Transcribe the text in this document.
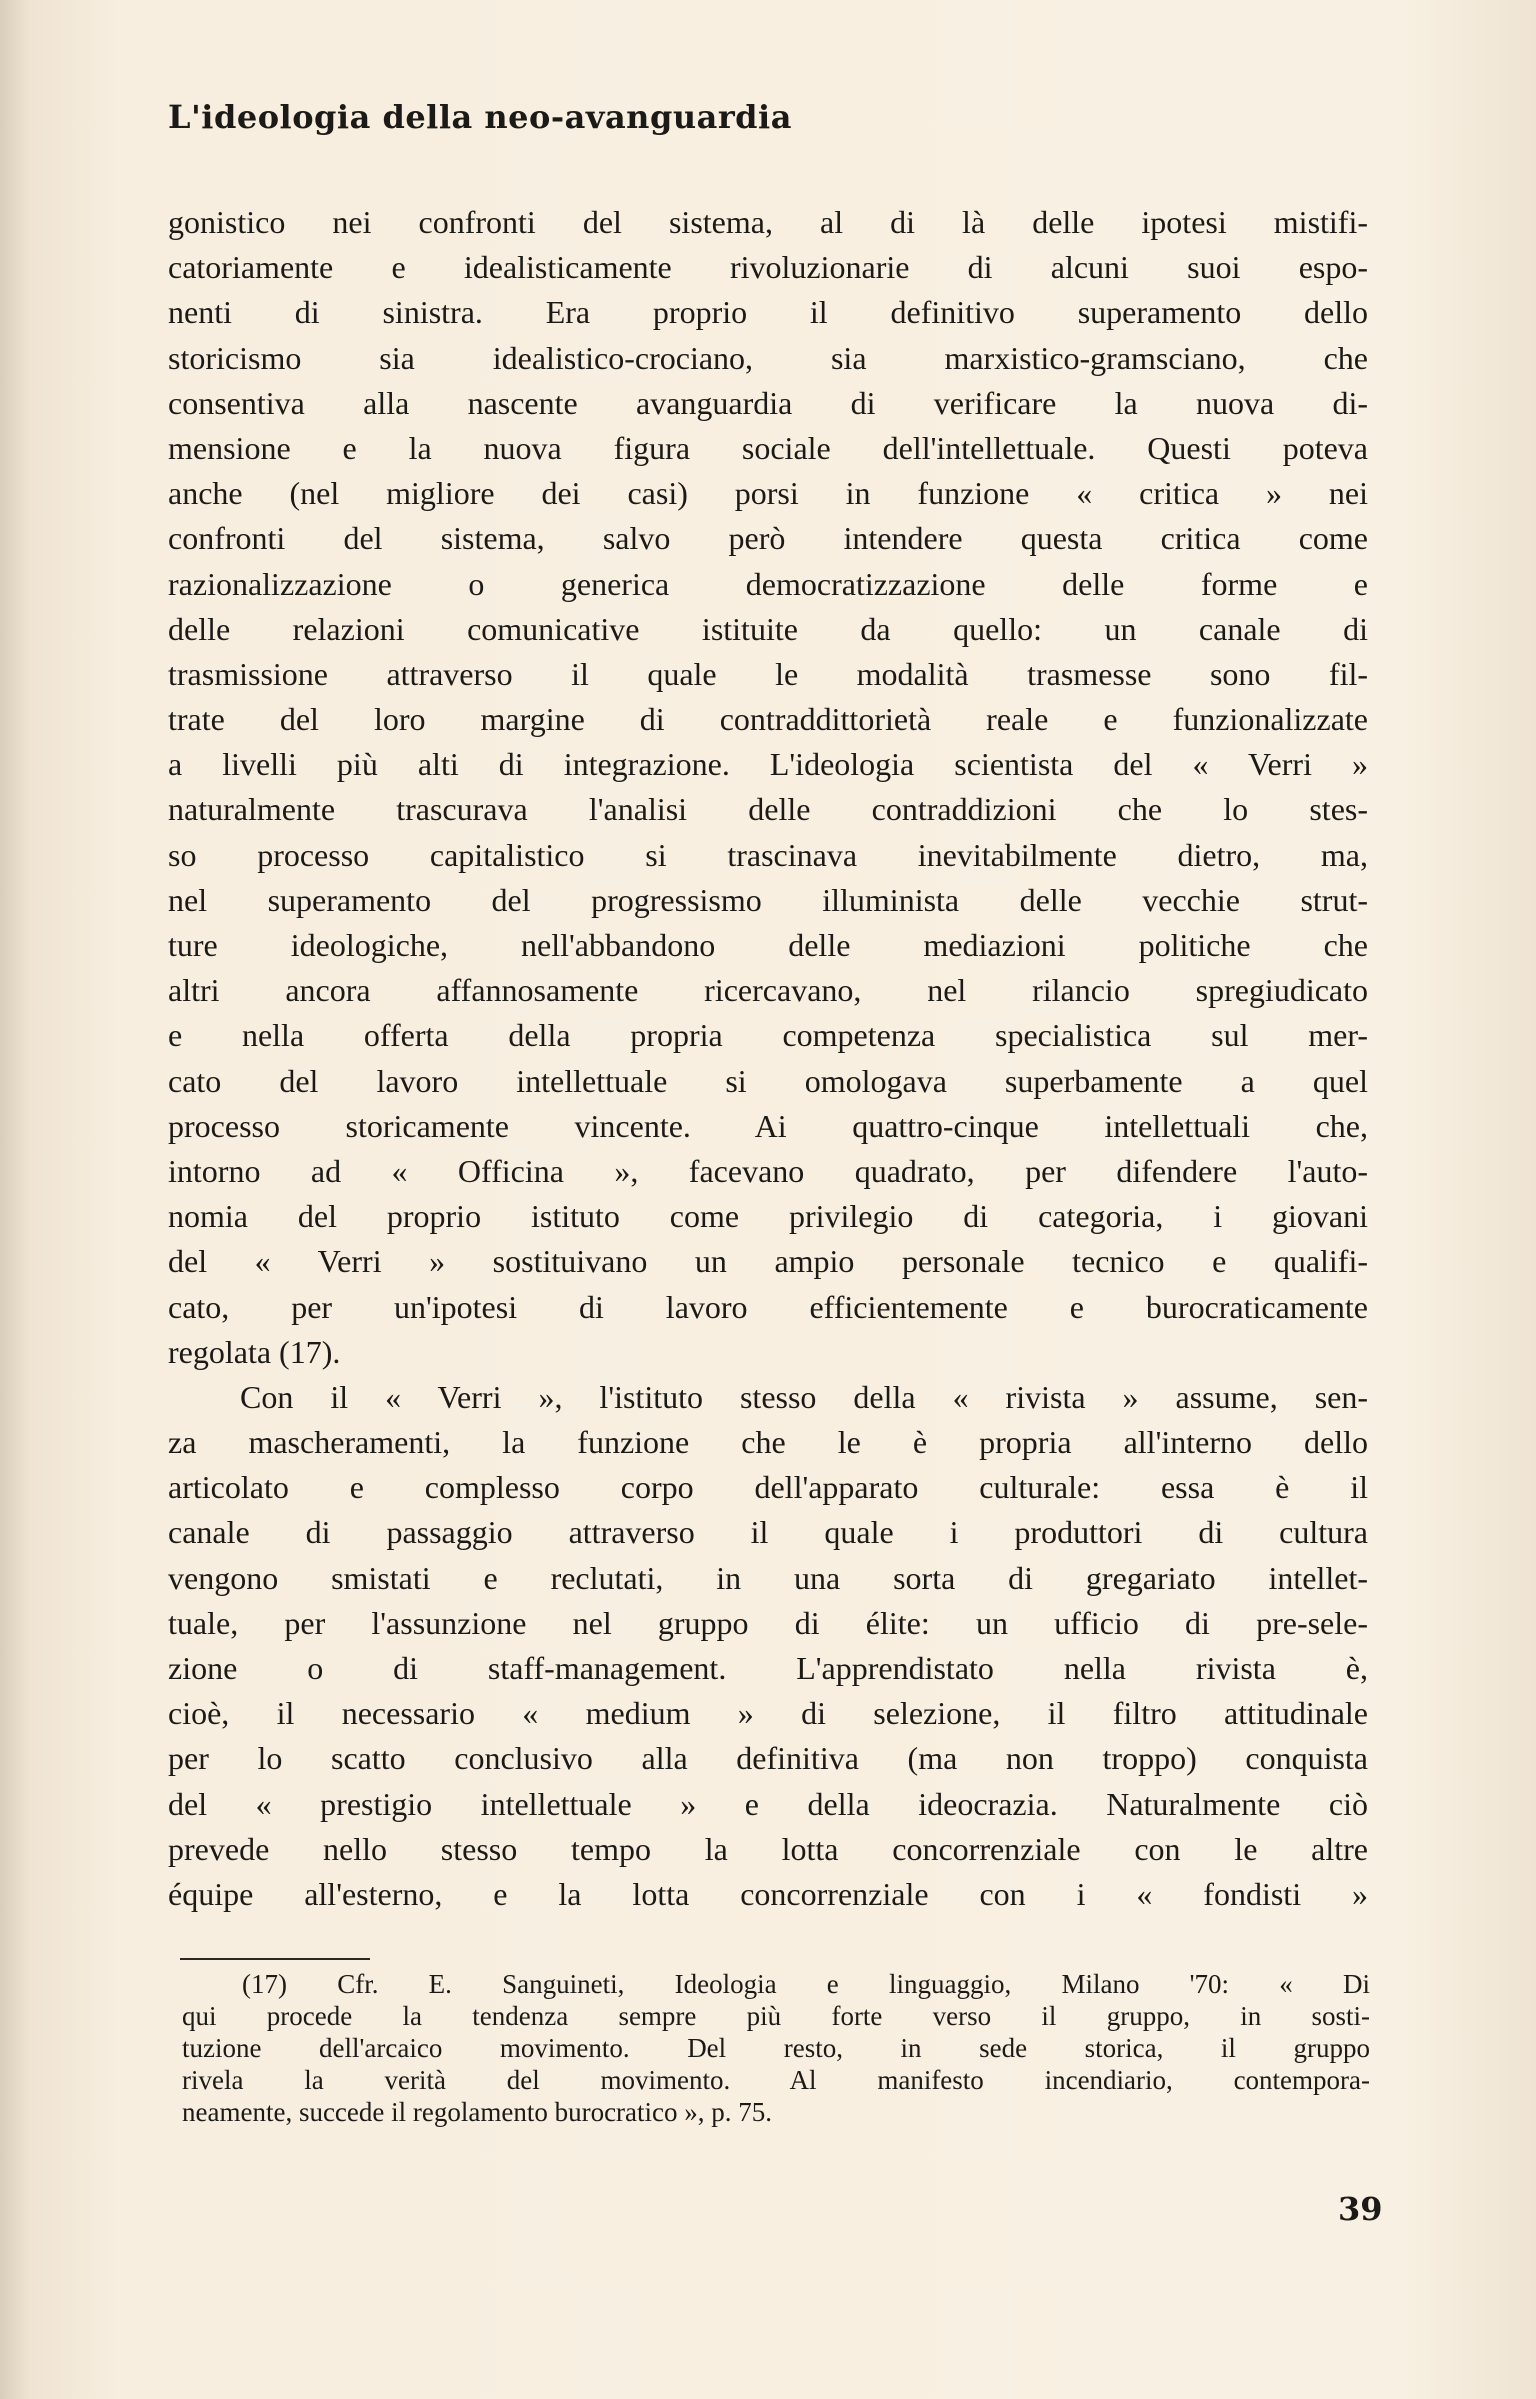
L'ideologia della neo-avanguardia
gonistico nei confronti del sistema, al di là delle ipotesi mistifi-
catoriamente e idealisticamente rivoluzionarie di alcuni suoi espo-
nenti di sinistra. Era proprio il definitivo superamento dello
storicismo sia idealistico-crociano, sia marxistico-gramsciano, che
consentiva alla nascente avanguardia di verificare la nuova di-
mensione e la nuova figura sociale dell'intellettuale. Questi poteva
anche (nel migliore dei casi) porsi in funzione « critica » nei
confronti del sistema, salvo però intendere questa critica come
razionalizzazione o generica democratizzazione delle forme e
delle relazioni comunicative istituite da quello: un canale di
trasmissione attraverso il quale le modalità trasmesse sono fil-
trate del loro margine di contraddittorietà reale e funzionalizzate
a livelli più alti di integrazione. L'ideologia scientista del « Verri »
naturalmente trascurava l'analisi delle contraddizioni che lo stes-
so processo capitalistico si trascinava inevitabilmente dietro, ma,
nel superamento del progressismo illuminista delle vecchie strut-
ture ideologiche, nell'abbandono delle mediazioni politiche che
altri ancora affannosamente ricercavano, nel rilancio spregiudicato
e nella offerta della propria competenza specialistica sul mer-
cato del lavoro intellettuale si omologava superbamente a quel
processo storicamente vincente. Ai quattro-cinque intellettuali che,
intorno ad « Officina », facevano quadrato, per difendere l'auto-
nomia del proprio istituto come privilegio di categoria, i giovani
del « Verri » sostituivano un ampio personale tecnico e qualifi-
cato, per un'ipotesi di lavoro efficientemente e burocraticamente
regolata (17).
Con il « Verri », l'istituto stesso della « rivista » assume, sen-
za mascheramenti, la funzione che le è propria all'interno dello
articolato e complesso corpo dell'apparato culturale: essa è il
canale di passaggio attraverso il quale i produttori di cultura
vengono smistati e reclutati, in una sorta di gregariato intellet-
tuale, per l'assunzione nel gruppo di élite: un ufficio di pre-sele-
zione o di staff-management. L'apprendistato nella rivista è,
cioè, il necessario « medium » di selezione, il filtro attitudinale
per lo scatto conclusivo alla definitiva (ma non troppo) conquista
del « prestigio intellettuale » e della ideocrazia. Naturalmente ciò
prevede nello stesso tempo la lotta concorrenziale con le altre
équipe all'esterno, e la lotta concorrenziale con i « fondisti »
(17) Cfr. E. Sanguineti, Ideologia e linguaggio, Milano '70: « Di
qui procede la tendenza sempre più forte verso il gruppo, in sosti-
tuzione dell'arcaico movimento. Del resto, in sede storica, il gruppo
rivela la verità del movimento. Al manifesto incendiario, contempora-
neamente, succede il regolamento burocratico », p. 75.
39
